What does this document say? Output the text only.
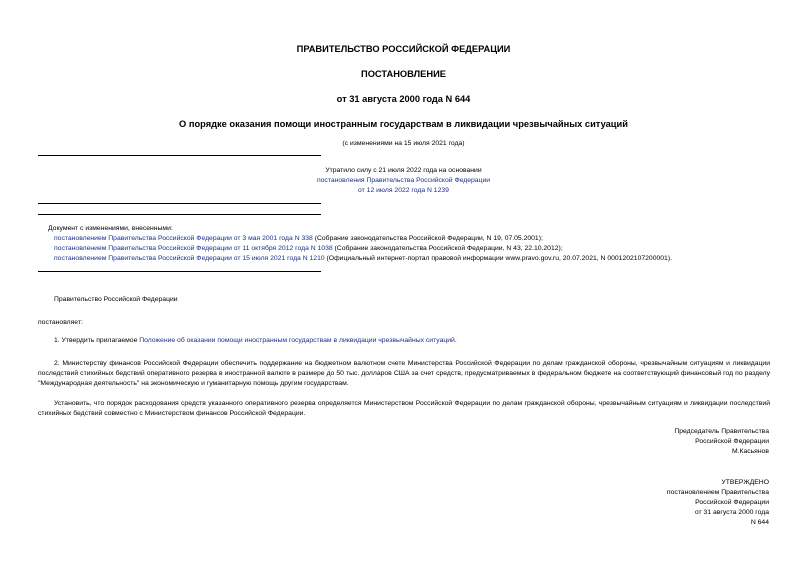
ПРАВИТЕЛЬСТВО РОССИЙСКОЙ ФЕДЕРАЦИИ
ПОСТАНОВЛЕНИЕ
от 31 августа 2000 года N 644
О порядке оказания помощи иностранным государствам в ликвидации чрезвычайных ситуаций
(с изменениями на 15 июля 2021 года)
Утратило силу с 21 июля 2022 года на основании
постановления Правительства Российской Федерации
от 12 июля 2022 года N 1239
Документ с изменениями, внесенными:
постановлением Правительства Российской Федерации от 3 мая 2001 года N 338 (Собрание законодательства Российской Федерации, N 19, 07.05.2001);
постановлением Правительства Российской Федерации от 11 октября 2012 года N 1038 (Собрание законодательства Российской Федерации, N 43, 22.10.2012);
постановлением Правительства Российской Федерации от 15 июля 2021 года N 1210 (Официальный интернет-портал правовой информации www.pravo.gov.ru, 20.07.2021, N 0001202107200001).
Правительство Российской Федерации
постановляет:
1. Утвердить прилагаемое Положение об оказании помощи иностранным государствам в ликвидации чрезвычайных ситуаций.
2. Министерству финансов Российской Федерации обеспечить поддержание на бюджетном валютном счете Министерства Российской Федерации по делам гражданской обороны, чрезвычайным ситуациям и ликвидации последствий стихийных бедствий оперативного резерва в иностранной валюте в размере до 50 тыс. долларов США за счет средств, предусматриваемых в федеральном бюджете на соответствующий финансовый год по разделу "Международная деятельность" на экономическую и гуманитарную помощь другим государствам.
Установить, что порядок расходования средств указанного оперативного резерва определяется Министерством Российской Федерации по делам гражданской обороны, чрезвычайным ситуациям и ликвидации последствий стихийных бедствий совместно с Министерством финансов Российской Федерации.
Председатель Правительства
Российской Федерации
М.Касьянов
УТВЕРЖДЕНО
постановлением Правительства
Российской Федерации
от 31 августа 2000 года
N 644
